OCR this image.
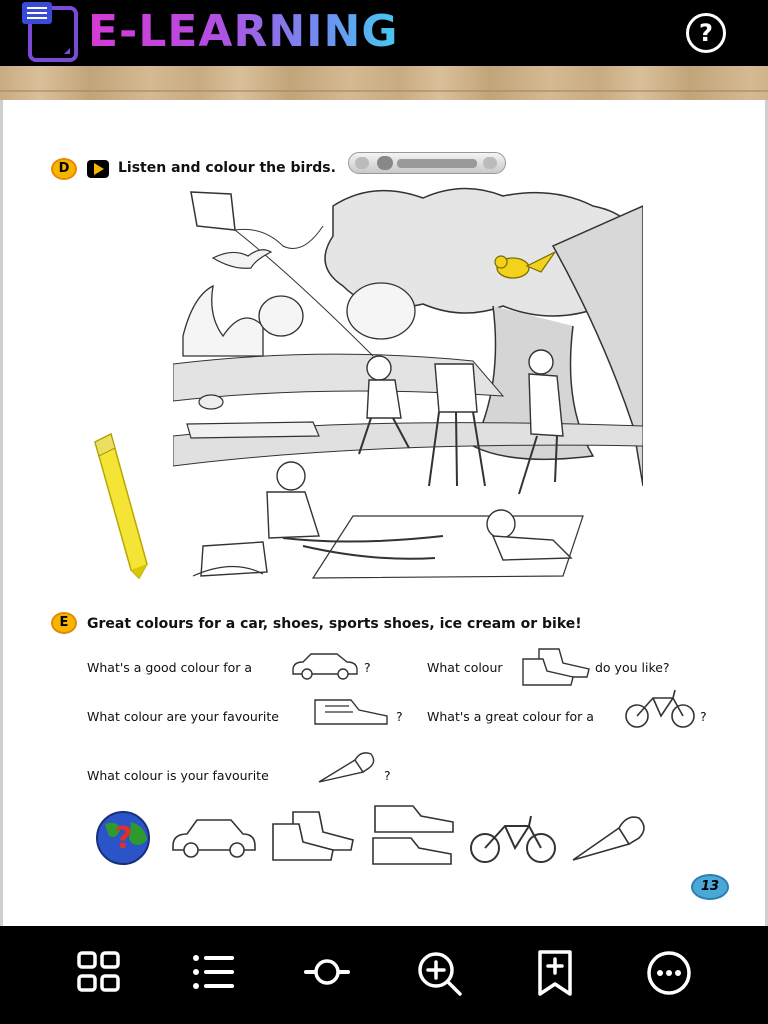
E-LEARNING	?
D	Listen and colour the birds.
E	Great colours for a car, shoes, sports shoes, ice cream or bike!
What's a good colour for a	?	What colour	do you like?
What colour are your favourite	? What's a great colour for a	?
What colour is your favourite	?
?
13
